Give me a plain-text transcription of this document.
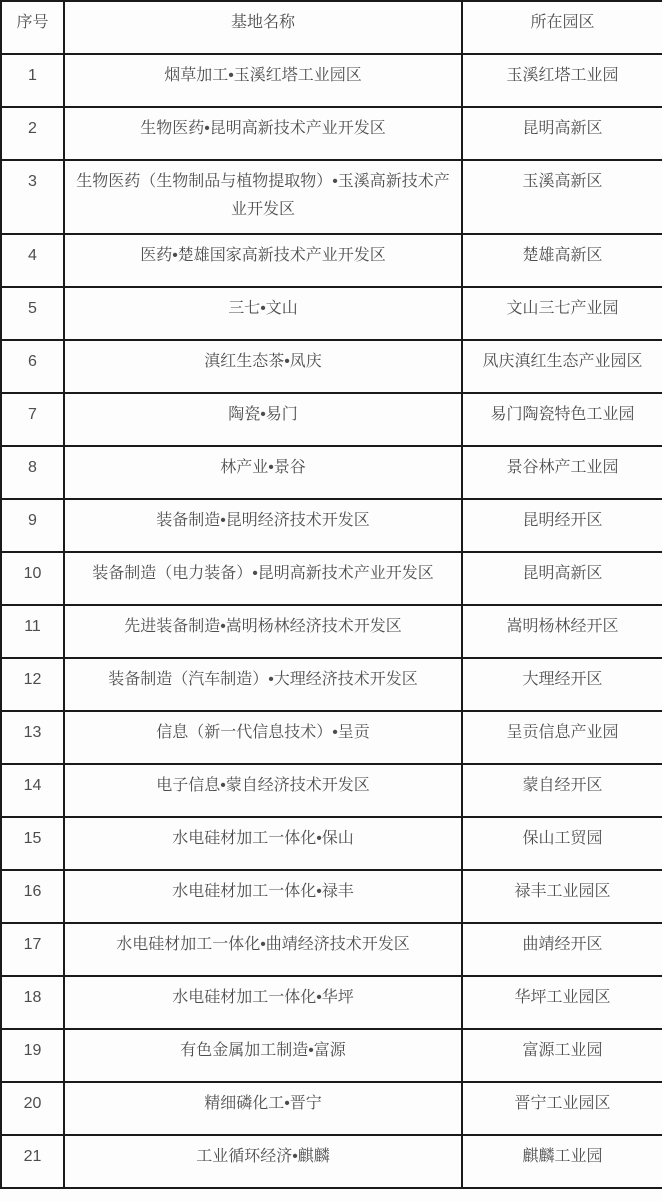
序号	基地名称	所在园区
1	烟草加工•玉溪红塔工业园区	玉溪红塔工业园
2	生物医药•昆明高新技术产业开发区	昆明高新区
3	生物医药（生物制品与植物提取物）•玉溪高新技术产业开发区	玉溪高新区
4	医药•楚雄国家高新技术产业开发区	楚雄高新区
5	三七•文山	文山三七产业园
6	滇红生态茶•凤庆	凤庆滇红生态产业园区
7	陶瓷•易门	易门陶瓷特色工业园
8	林产业•景谷	景谷林产工业园
9	装备制造•昆明经济技术开发区	昆明经开区
10	装备制造（电力装备）•昆明高新技术产业开发区	昆明高新区
11	先进装备制造•嵩明杨林经济技术开发区	嵩明杨林经开区
12	装备制造（汽车制造）•大理经济技术开发区	大理经开区
13	信息（新一代信息技术）•呈贡	呈贡信息产业园
14	电子信息•蒙自经济技术开发区	蒙自经开区
15	水电硅材加工一体化•保山	保山工贸园
16	水电硅材加工一体化•禄丰	禄丰工业园区
17	水电硅材加工一体化•曲靖经济技术开发区	曲靖经开区
18	水电硅材加工一体化•华坪	华坪工业园区
19	有色金属加工制造•富源	富源工业园
20	精细磷化工•晋宁	晋宁工业园区
21	工业循环经济•麒麟	麒麟工业园
